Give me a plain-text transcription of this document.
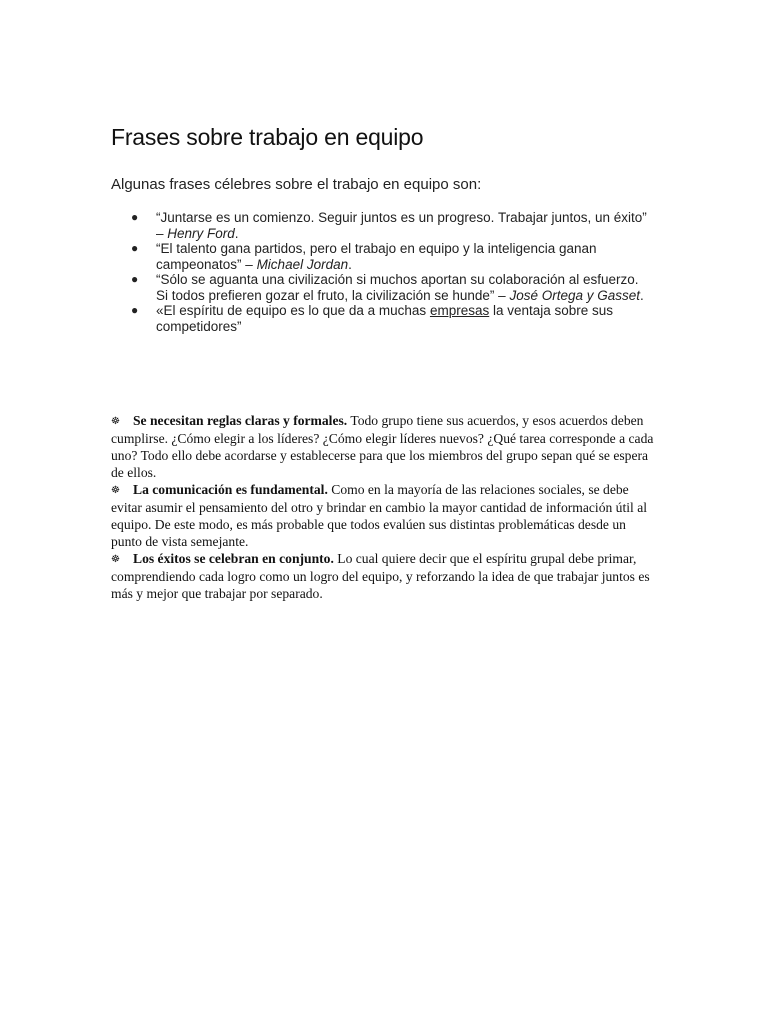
Frases sobre trabajo en equipo

Algunas frases célebres sobre el trabajo en equipo son:

● “Juntarse es un comienzo. Seguir juntos es un progreso. Trabajar juntos, un éxito” – Henry Ford.
● “El talento gana partidos, pero el trabajo en equipo y la inteligencia ganan campeonatos” – Michael Jordan.
● “Sólo se aguanta una civilización si muchos aportan su colaboración al esfuerzo. Si todos prefieren gozar el fruto, la civilización se hunde” – José Ortega y Gasset.
● «El espíritu de equipo es lo que da a muchas empresas la ventaja sobre sus competidores”

☸ Se necesitan reglas claras y formales. Todo grupo tiene sus acuerdos, y esos acuerdos deben cumplirse. ¿Cómo elegir a los líderes? ¿Cómo elegir líderes nuevos? ¿Qué tarea corresponde a cada uno? Todo ello debe acordarse y establecerse para que los miembros del grupo sepan qué se espera de ellos.

☸ La comunicación es fundamental. Como en la mayoría de las relaciones sociales, se debe evitar asumir el pensamiento del otro y brindar en cambio la mayor cantidad de información útil al equipo. De este modo, es más probable que todos evalúen sus distintas problemáticas desde un punto de vista semejante.

☸ Los éxitos se celebran en conjunto. Lo cual quiere decir que el espíritu grupal debe primar, comprendiendo cada logro como un logro del equipo, y reforzando la idea de que trabajar juntos es más y mejor que trabajar por separado.
